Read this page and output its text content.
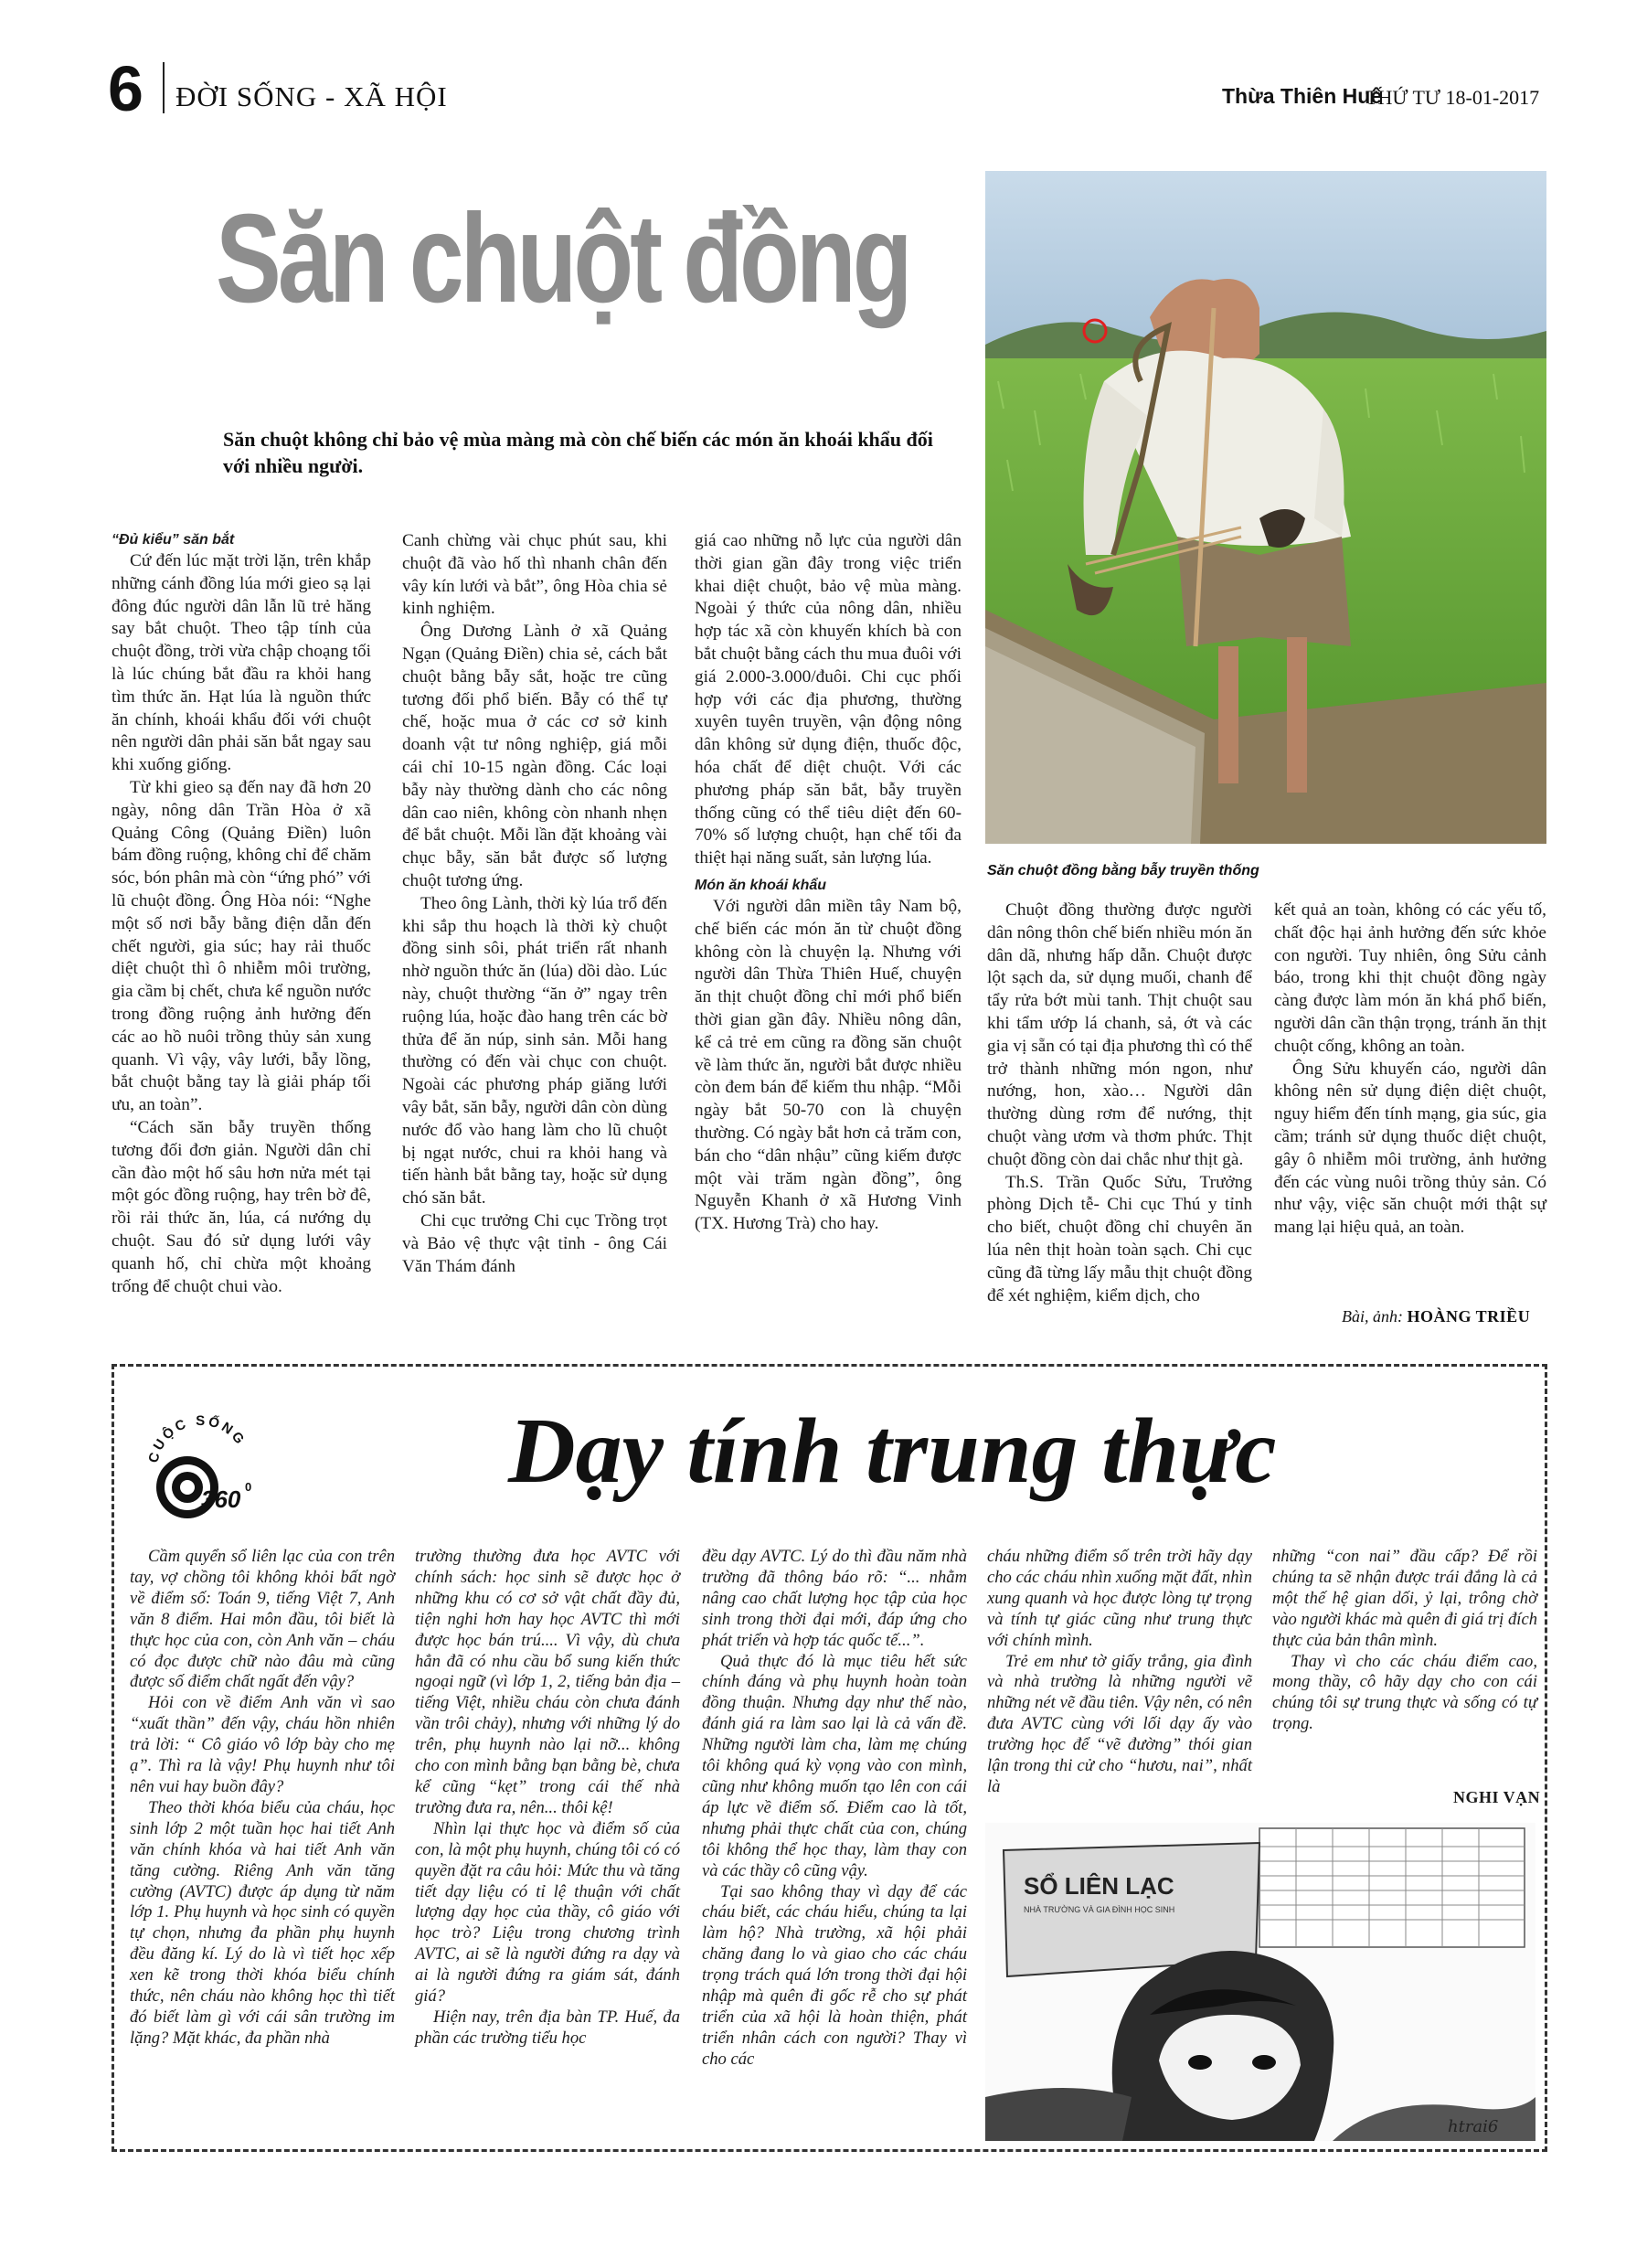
6 ĐỜI SỐNG - XÃ HỘI	Thừa Thiên Huế
THỨ TƯ 18-01-2017
Săn chuột đồng
Săn chuột không chỉ bảo vệ mùa màng mà còn chế biến các món ăn khoái khẩu đối với nhiều người.

“Đủ kiểu” săn bắt

Cứ đến lúc mặt trời lặn, trên khắp những cánh đồng lúa mới gieo sạ lại đông đúc người dân lẫn lũ trẻ hăng say bắt chuột. Theo tập tính của chuột đồng, trời vừa chập choạng tối là lúc chúng bắt đầu ra khỏi hang tìm thức ăn. Hạt lúa là nguồn thức ăn chính, khoái khẩu đối với chuột nên người dân phải săn bắt ngay sau khi xuống giống.

Từ khi gieo sạ đến nay đã hơn 20 ngày, nông dân Trần Hòa ở xã Quảng Công (Quảng Điền) luôn bám đồng ruộng, không chỉ để chăm sóc, bón phân mà còn “ứng phó” với lũ chuột đồng. Ông Hòa nói: “Nghe một số nơi bẫy bằng điện dẫn đến chết người, gia súc; hay rải thuốc diệt chuột thì ô nhiễm môi trường, gia cầm bị chết, chưa kể nguồn nước trong đồng ruộng ảnh hưởng đến các ao hồ nuôi trồng thủy sản xung quanh. Vì vậy, vây lưới, bẫy lồng, bắt chuột bằng tay là giải pháp tối ưu, an toàn”.

“Cách săn bẫy truyền thống tương đối đơn giản. Người dân chỉ cần đào một hố sâu hơn nửa mét tại một góc đồng ruộng, hay trên bờ đê, rồi rải thức ăn, lúa, cá nướng dụ chuột. Sau đó sử dụng lưới vây quanh hố, chỉ chừa một khoảng trống để chuột chui vào.

Canh chừng vài chục phút sau, khi chuột đã vào hố thì nhanh chân đến vây kín lưới và bắt”, ông Hòa chia sẻ kinh nghiệm.

Ông Dương Lành ở xã Quảng Ngạn (Quảng Điền) chia sẻ, cách bắt chuột bằng bẫy sắt, hoặc tre cũng tương đối phổ biến. Bẫy có thể tự chế, hoặc mua ở các cơ sở kinh doanh vật tư nông nghiệp, giá mỗi cái chỉ 10-15 ngàn đồng. Các loại bẫy này thường dành cho các nông dân cao niên, không còn nhanh nhẹn để bắt chuột. Mỗi lần đặt khoảng vài chục bẫy, săn bắt được số lượng chuột tương ứng.

Theo ông Lành, thời kỳ lúa trổ đến khi sắp thu hoạch là thời kỳ chuột đồng sinh sôi, phát triển rất nhanh nhờ nguồn thức ăn (lúa) dồi dào. Lúc này, chuột thường “ăn ở” ngay trên ruộng lúa, hoặc đào hang trên các bờ thửa để ăn núp, sinh sản. Mỗi hang thường có đến vài chục con chuột. Ngoài các phương pháp giăng lưới vây bắt, săn bẫy, người dân còn dùng nước đổ vào hang làm cho lũ chuột bị ngạt nước, chui ra khỏi hang và tiến hành bắt bằng tay, hoặc sử dụng chó săn bắt.

Chi cục trưởng Chi cục Trồng trọt và Bảo vệ thực vật tỉnh - ông Cái Văn Thám đánh

giá cao những nỗ lực của người dân thời gian gần đây trong việc triển khai diệt chuột, bảo vệ mùa màng. Ngoài ý thức của nông dân, nhiều hợp tác xã còn khuyến khích bà con bắt chuột bằng cách thu mua đuôi với giá 2.000-3.000/đuôi. Chi cục phối hợp với các địa phương, thường xuyên tuyên truyền, vận động nông dân không sử dụng điện, thuốc độc, hóa chất để diệt chuột. Với các phương pháp săn bắt, bẫy truyền thống cũng có thể tiêu diệt đến 60-70% số lượng chuột, hạn chế tối đa thiệt hại năng suất, sản lượng lúa.

Món ăn khoái khẩu

Với người dân miền tây Nam bộ, chế biến các món ăn từ chuột đồng không còn là chuyện lạ. Nhưng với người dân Thừa Thiên Huế, chuyện ăn thịt chuột đồng chỉ mới phổ biến thời gian gần đây. Nhiều nông dân, kể cả trẻ em cũng ra đồng săn chuột về làm thức ăn, người bắt được nhiều còn đem bán để kiếm thu nhập. “Mỗi ngày bắt 50-70 con là chuyện thường. Có ngày bắt hơn cả trăm con, bán cho “dân nhậu” cũng kiếm được một vài trăm ngàn đồng”, ông Nguyễn Khanh ở xã Hương Vinh (TX. Hương Trà) cho hay.

Săn chuột đồng bằng bẫy truyền thống

Chuột đồng thường được người dân nông thôn chế biến nhiều món ăn dân dã, nhưng hấp dẫn. Chuột được lột sạch da, sử dụng muối, chanh để tẩy rửa bớt mùi tanh. Thịt chuột sau khi tẩm ướp lá chanh, sả, ớt và các gia vị sẵn có tại địa phương thì có thể trở thành những món ngon, như nướng, hon, xào… Người dân thường dùng rơm để nướng, thịt chuột vàng ươm và thơm phức. Thịt chuột đồng còn dai chắc như thịt gà.

Th.S. Trần Quốc Sửu, Trưởng phòng Dịch tễ- Chi cục Thú y tỉnh cho biết, chuột đồng chỉ chuyên ăn lúa nên thịt hoàn toàn sạch. Chi cục cũng đã từng lấy mẫu thịt chuột đồng để xét nghiệm, kiểm dịch, cho

kết quả an toàn, không có các yếu tố, chất độc hại ảnh hưởng đến sức khỏe con người. Tuy nhiên, ông Sửu cảnh báo, trong khi thịt chuột đồng ngày càng được làm món ăn khá phổ biến, người dân cần thận trọng, tránh ăn thịt chuột cống, không an toàn.

Ông Sửu khuyến cáo, người dân không nên sử dụng điện diệt chuột, nguy hiểm đến tính mạng, gia súc, gia cầm; tránh sử dụng thuốc diệt chuột, gây ô nhiễm môi trường, ảnh hưởng đến các vùng nuôi trồng thủy sản. Có như vậy, việc săn chuột mới thật sự mang lại hiệu quả, an toàn.

Bài, ảnh: HOÀNG TRIỀU
CUỘC SỐNG
360 0	Dạy tính trung thực

Cầm quyển sổ liên lạc của con trên tay, vợ chồng tôi không khỏi bất ngờ về điểm số: Toán 9, tiếng Việt 7, Anh văn 8 điểm. Hai môn đầu, tôi biết là thực học của con, còn Anh văn – cháu có đọc được chữ nào đâu mà cũng được số điểm chất ngất đến vậy?

Hỏi con về điểm Anh văn vì sao “xuất thần” đến vậy, cháu hồn nhiên trả lời: “ Cô giáo vô lớp bày cho mẹ ạ”. Thì ra là vậy! Phụ huynh như tôi nên vui hay buồn đây?

Theo thời khóa biểu của cháu, học sinh lớp 2 một tuần học hai tiết Anh văn chính khóa và hai tiết Anh văn tăng cường. Riêng Anh văn tăng cường (AVTC) được áp dụng từ năm lớp 1. Phụ huynh và học sinh có quyền tự chọn, nhưng đa phần phụ huynh đều đăng kí. Lý do là vì tiết học xếp xen kẽ trong thời khóa biểu chính thức, nên cháu nào không học thì tiết đó biết làm gì với cái sân trường im lặng? Mặt khác, đa phần nhà

trường thường đưa học AVTC với chính sách: học sinh sẽ được học ở những khu có cơ sở vật chất đầy đủ, tiện nghi hơn hay học AVTC thì mới được học bán trú.... Vì vậy, dù chưa hẳn đã có nhu cầu bổ sung kiến thức ngoại ngữ (vì lớp 1, 2, tiếng bản địa – tiếng Việt, nhiều cháu còn chưa đánh vần trôi chảy), nhưng với những lý do trên, phụ huynh nào lại nỡ... không cho con mình bằng bạn bằng bè, chưa kể cũng “kẹt” trong cái thế nhà trường đưa ra, nên... thôi kệ!

Nhìn lại thực học và điểm số của con, là một phụ huynh, chúng tôi có có quyền đặt ra câu hỏi: Mức thu và tăng tiết dạy liệu có tỉ lệ thuận với chất lượng dạy học của thầy, cô giáo với học trò? Liệu trong chương trình AVTC, ai sẽ là người đứng ra dạy và ai là người đứng ra giám sát, đánh giá?

Hiện nay, trên địa bàn TP. Huế, đa phần các trường tiểu học

đều dạy AVTC. Lý do thì đầu năm nhà trường đã thông báo rõ: “... nhằm nâng cao chất lượng học tập của học sinh trong thời đại mới, đáp ứng cho phát triển và hợp tác quốc tế...”.

Quả thực đó là mục tiêu hết sức chính đáng và phụ huynh hoàn toàn đồng thuận. Nhưng dạy như thế nào, đánh giá ra làm sao lại là cả vấn đề. Những người làm cha, làm mẹ chúng tôi không quá kỳ vọng vào con mình, cũng như không muốn tạo lên con cái áp lực về điểm số. Điểm cao là tốt, nhưng phải thực chất của con, chúng tôi không thể học thay, làm thay con và các thầy cô cũng vậy.

Tại sao không thay vì dạy để các cháu biết, các cháu hiểu, chúng ta lại làm hộ? Nhà trường, xã hội phải chăng đang lo và giao cho các cháu trọng trách quá lớn trong thời đại hội nhập mà quên đi gốc rễ cho sự phát triển của xã hội là hoàn thiện, phát triển nhân cách con người? Thay vì cho các

cháu những điểm số trên trời hãy dạy cho các cháu nhìn xuống mặt đất, nhìn xung quanh và học được lòng tự trọng và tính tự giác cũng như trung thực với chính mình.

Trẻ em như tờ giấy trắng, gia đình và nhà trường là những người vẽ những nét vẽ đầu tiên. Vậy nên, có nên đưa AVTC cùng với lối dạy ấy vào trường học để “vẽ đường” thói gian lận trong thi cử cho “hươu, nai”, nhất là

những “con nai” đầu cấp? Để rồi chúng ta sẽ nhận được trái đắng là cả một thế hệ gian dối, ỷ lại, trông chờ vào người khác mà quên đi giá trị đích thực của bản thân mình.

Thay vì cho các cháu điểm cao, mong thầy, cô hãy dạy cho con cái chúng tôi sự trung thực và sống có tự trọng.

NGHI VẠN
SỔ LIÊN LẠC
NHÀ TRƯỜNG VÀ GIA ĐÌNH HỌC SINH
htrai6
